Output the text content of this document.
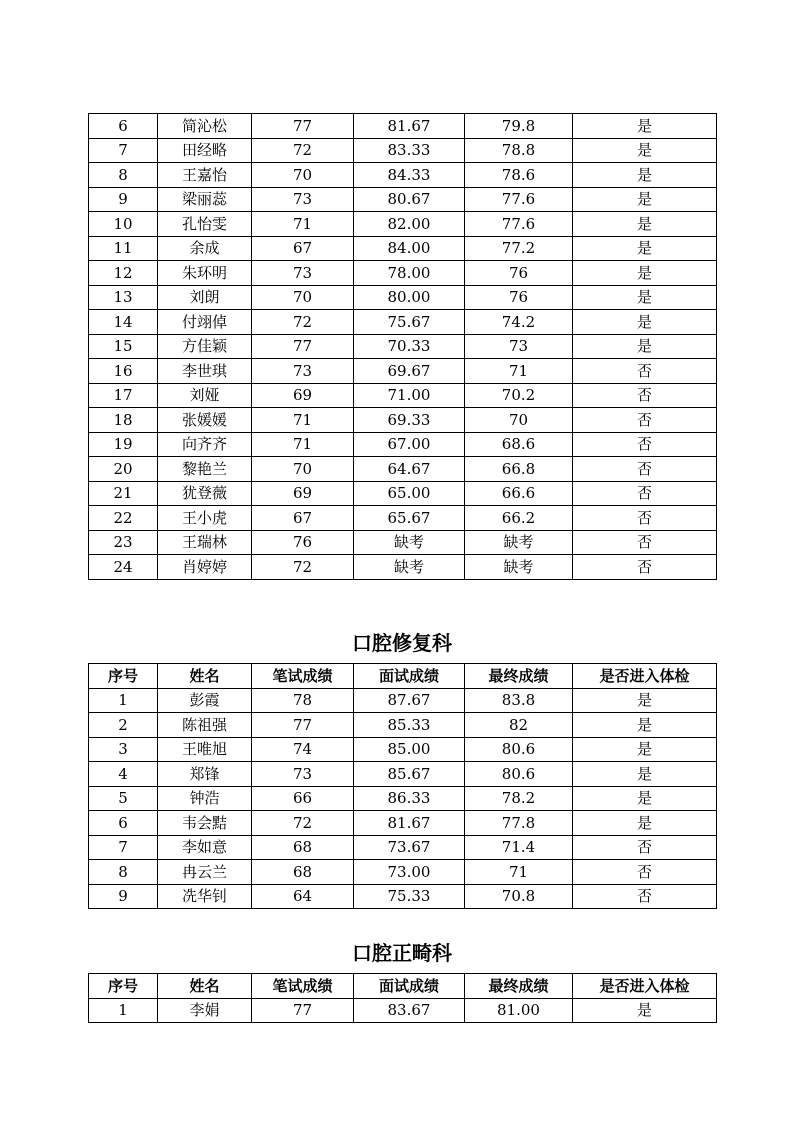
6	简沁松	77	81.67	79.8	是
7	田经略	72	83.33	78.8	是
8	王嘉怡	70	84.33	78.6	是
9	梁丽蕊	73	80.67	77.6	是
10	孔怡雯	71	82.00	77.6	是
11	余成	67	84.00	77.2	是
12	朱环明	73	78.00	76	是
13	刘朗	70	80.00	76	是
14	付翊倬	72	75.67	74.2	是
15	方佳颖	77	70.33	73	是
16	李世琪	73	69.67	71	否
17	刘娅	69	71.00	70.2	否
18	张媛媛	71	69.33	70	否
19	向齐齐	71	67.00	68.6	否
20	黎艳兰	70	64.67	66.8	否
21	犹登薇	69	65.00	66.6	否
22	王小虎	67	65.67	66.2	否
23	王瑞林	76	缺考	缺考	否
24	肖婷婷	72	缺考	缺考	否
口腔修复科
序号	姓名	笔试成绩	面试成绩	最终成绩	是否进入体检
1	彭霞	78	87.67	83.8	是
2	陈祖强	77	85.33	82	是
3	王唯旭	74	85.00	80.6	是
4	郑锋	73	85.67	80.6	是
5	钟浩	66	86.33	78.2	是
6	韦会黠	72	81.67	77.8	是
7	李如意	68	73.67	71.4	否
8	冉云兰	68	73.00	71	否
9	冼华钊	64	75.33	70.8	否
口腔正畸科
序号	姓名	笔试成绩	面试成绩	最终成绩	是否进入体检
1	李娟	77	83.67	81.00	是
